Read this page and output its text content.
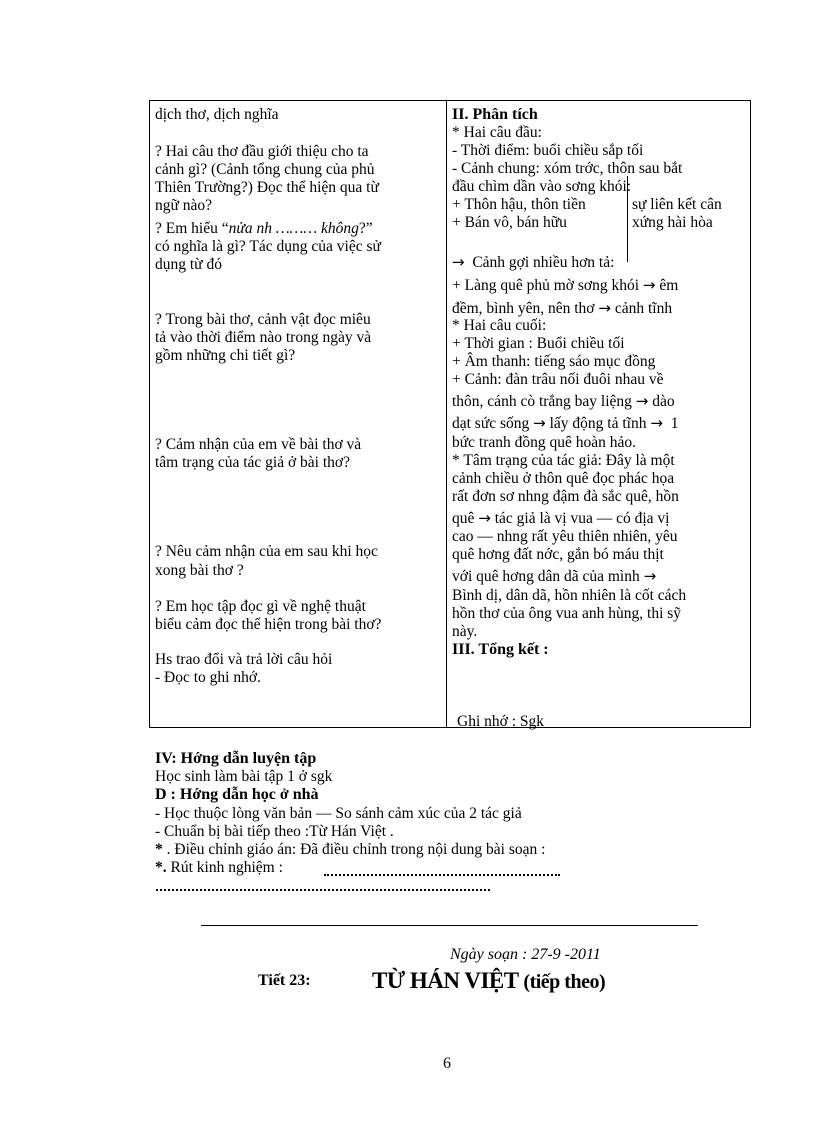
dịch thơ, dịch nghĩa
? Hai câu thơ đầu giới thiệu cho ta
cảnh gì? (Cảnh tổng chung của phủ
Thiên Trường?) Đọc thể hiện qua từ
ngữ nào?
? Em hiểu “nửa nh ……… không?”
có nghĩa là gì? Tác dụng của việc sử
dụng từ đó
? Trong bài thơ, cảnh vật đọc miêu
tả vào thời điểm nào trong ngày và
gồm những chi tiết gì?
? Cảm nhận của em về bài thơ và
tâm trạng của tác giả ở bài thơ?
? Nêu cảm nhận của em sau khi học
xong bài thơ ?
? Em học tập đọc gì về nghệ thuật
biểu cảm đọc thể hiện trong bài thơ?
Hs trao đổi và trả lời câu hỏi
- Đọc to ghi nhớ.
II. Phân tích
* Hai câu đầu:
- Thời điểm: buổi chiều sắp tối
- Cảnh chung: xóm trớc, thôn sau bắt
đầu chìm dần vào sơng khói:
+ Thôn hậu, thôn tiền
+ Bán vô, bán hữu
sự liên kết cân
xứng hài hòa
→ Cảnh gợi nhiều hơn tả:
+ Làng quê phủ mờ sơng khói → êm
đềm, bình yên, nên thơ → cảnh tĩnh
* Hai câu cuối:
+ Thời gian : Buổi chiều tối
+ Âm thanh: tiếng sáo mục đồng
+ Cảnh: đàn trâu nối đuôi nhau về
thôn, cánh cò trắng bay liệng → dào
dạt sức sống → lấy động tả tĩnh → 1
bức tranh đồng quê hoàn hảo.
* Tâm trạng của tác giả: Đây là một
cảnh chiều ở thôn quê đọc phác họa
rất đơn sơ nhng đậm đà sắc quê, hồn
quê → tác giả là vị vua — có địa vị
cao — nhng rất yêu thiên nhiên, yêu
quê hơng đất nớc, gắn bó máu thịt
với quê hơng dân dã của mình →
Bình dị, dân dã, hồn nhiên là cốt cách
hồn thơ của ông vua anh hùng, thi sỹ
này.
III. Tổng kết :
Ghi nhớ : Sgk
IV: Hớng dẫn luyện tập
Học sinh làm bài tập 1 ở sgk
D : Hớng dẫn học ở nhà
- Học thuộc lòng văn bản — So sánh cảm xúc của 2 tác giả
- Chuẩn bị bài tiếp theo :Từ Hán Việt .
* . Điều chỉnh giáo án: Đã điều chỉnh trong nội dung bài soạn :
*. Rút kinh nghiệm :
Ngày soạn : 27-9 -2011
Tiết 23:	TỪ HÁN VIỆT (tiếp theo)
6
